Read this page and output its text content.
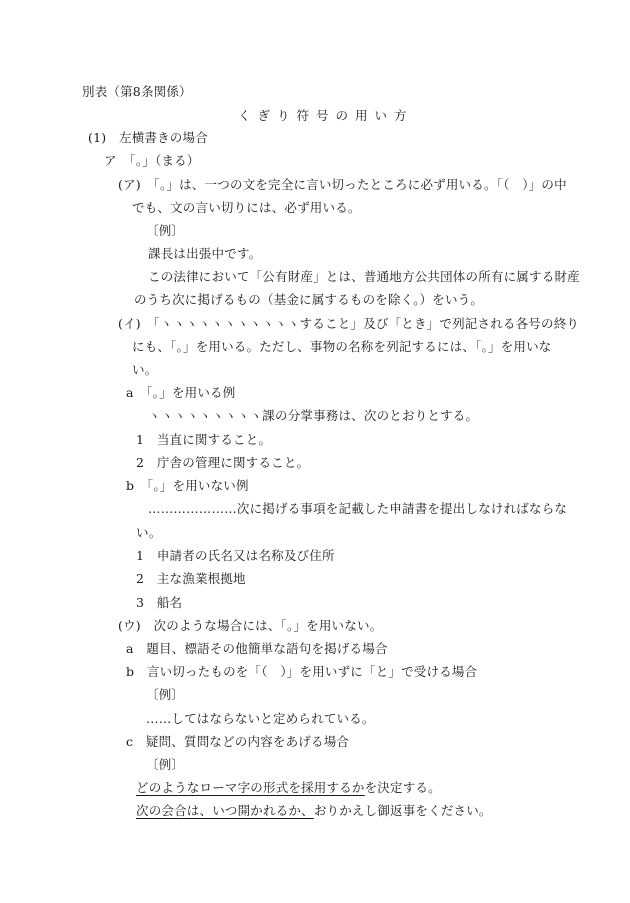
別表（第8条関係）
くぎり符号の用い方
(1)　左横書きの場合
ア　「。」（まる）
(ア)　「。」は、一つの文を完全に言い切ったところに必ず用いる。「（　）」の中
でも、文の言い切りには、必ず用いる。
〔例〕
課長は出張中です。
この法律において「公有財産」とは、普通地方公共団体の所有に属する財産
のうち次に掲げるもの（基金に属するものを除く。）をいう。
(イ)　「ヽヽヽヽヽヽヽヽヽヽヽすること」及び「とき」で列記される各号の終り
にも、「。」を用いる。ただし、事物の名称を列記するには、「。」を用いな
い。
a　「。」を用いる例
ヽヽヽヽヽヽヽヽヽ課の分掌事務は、次のとおりとする。
1　当直に関すること。
2　庁舎の管理に関すること。
b　「。」を用いない例
…………………次に掲げる事項を記載した申請書を提出しなければならな
い。
1　申請者の氏名又は名称及び住所
2　主な漁業根拠地
3　船名
(ウ)　次のような場合には、「。」を用いない。
a　題目、標語その他簡単な語句を掲げる場合
b　言い切ったものを「（　）」を用いずに「と」で受ける場合
〔例〕
……してはならないと定められている。
c　疑問、質問などの内容をあげる場合
〔例〕
どのようなローマ字の形式を採用するかを決定する。
次の会合は、いつ開かれるか、おりかえし御返事をください。
